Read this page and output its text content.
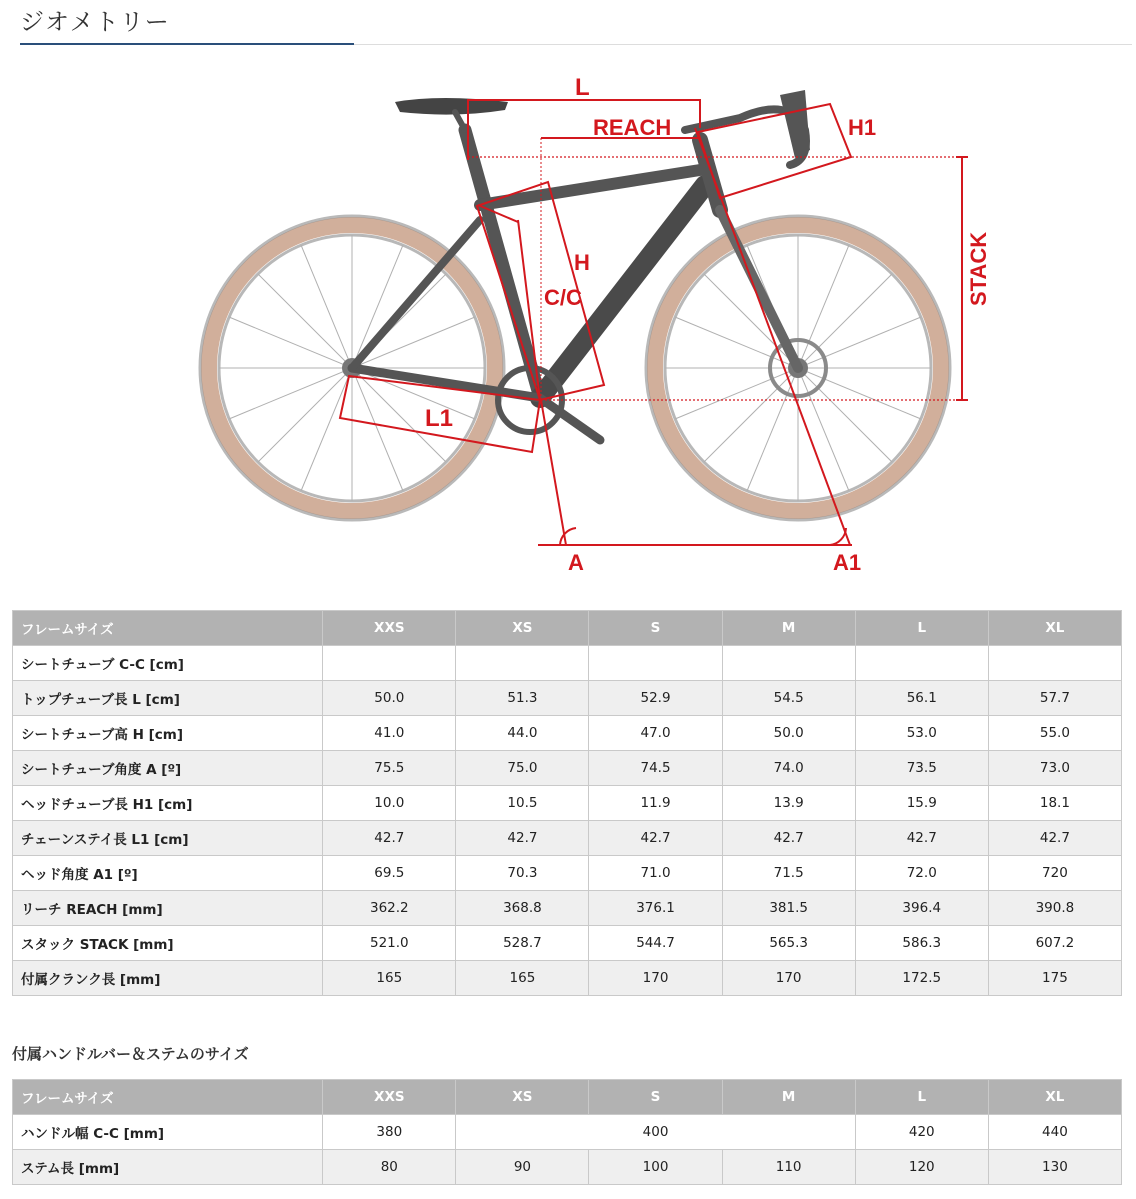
ジオメトリー
L
REACH	H1
H
C/C	STACK
L1
A	A1
フレームサイズ	XXS	XS	S	M	L	XL
シートチューブ C-C [cm]						
トップチューブ長 L [cm]	50.0	51.3	52.9	54.5	56.1	57.7
シートチューブ高 H [cm]	41.0	44.0	47.0	50.0	53.0	55.0
シートチューブ角度 A [º]	75.5	75.0	74.5	74.0	73.5	73.0
ヘッドチューブ長 H1 [cm]	10.0	10.5	11.9	13.9	15.9	18.1
チェーンステイ長 L1 [cm]	42.7	42.7	42.7	42.7	42.7	42.7
ヘッド角度 A1 [º]	69.5	70.3	71.0	71.5	72.0	720
リーチ REACH [mm]	362.2	368.8	376.1	381.5	396.4	390.8
スタック STACK [mm]	521.0	528.7	544.7	565.3	586.3	607.2
付属クランク長 [mm]	165	165	170	170	172.5	175
付属ハンドルバー＆ステムのサイズ
フレームサイズ	XXS	XS	S	M	L	XL
ハンドル幅 C-C [mm]	380	400			420	440
ステム長 [mm]	80	90	100	110	120	130
